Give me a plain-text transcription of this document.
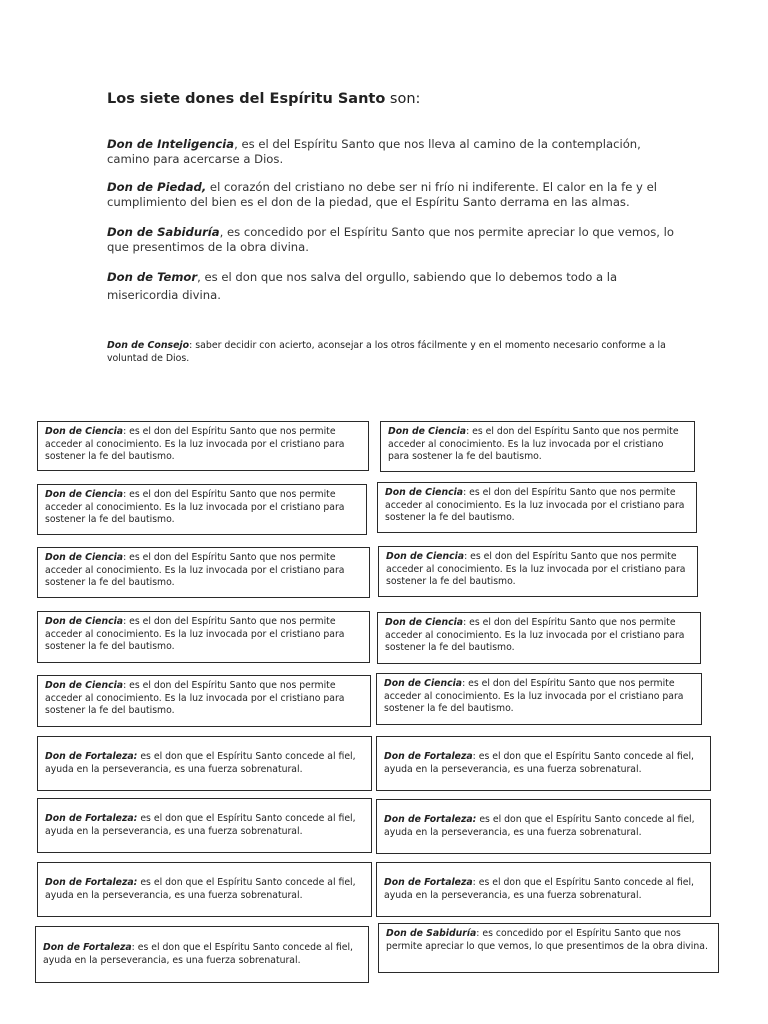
Los siete dones del Espíritu Santo son:

Don de Inteligencia, es el del Espíritu Santo que nos lleva al camino de la contemplación, camino para acercarse a Dios.

Don de Piedad, el corazón del cristiano no debe ser ni frío ni indiferente. El calor en la fe y el cumplimiento del bien es el don de la piedad, que el Espíritu Santo derrama en las almas.

Don de Sabiduría, es concedido por el Espíritu Santo que nos permite apreciar lo que vemos, lo que presentimos de la obra divina.

Don de Temor, es el don que nos salva del orgullo, sabiendo que lo debemos todo a la misericordia divina.

Don de Consejo: saber decidir con acierto, aconsejar a los otros fácilmente y en el momento necesario conforme a la voluntad de Dios.

Don de Ciencia: es el don del Espíritu Santo que nos permite acceder al conocimiento. Es la luz invocada por el cristiano para sostener la fe del bautismo.

Don de Ciencia: es el don del Espíritu Santo que nos permite acceder al conocimiento. Es la luz invocada por el cristiano para sostener la fe del bautismo.

Don de Ciencia: es el don del Espíritu Santo que nos permite acceder al conocimiento. Es la luz invocada por el cristiano para sostener la fe del bautismo.

Don de Ciencia: es el don del Espíritu Santo que nos permite acceder al conocimiento. Es la luz invocada por el cristiano para sostener la fe del bautismo.

Don de Ciencia: es el don del Espíritu Santo que nos permite acceder al conocimiento. Es la luz invocada por el cristiano para sostener la fe del bautismo.

Don de Ciencia: es el don del Espíritu Santo que nos permite acceder al conocimiento. Es la luz invocada por el cristiano para sostener la fe del bautismo.

Don de Ciencia: es el don del Espíritu Santo que nos permite acceder al conocimiento. Es la luz invocada por el cristiano para sostener la fe del bautismo.

Don de Ciencia: es el don del Espíritu Santo que nos permite acceder al conocimiento. Es la luz invocada por el cristiano para sostener la fe del bautismo.

Don de Ciencia: es el don del Espíritu Santo que nos permite acceder al conocimiento. Es la luz invocada por el cristiano para sostener la fe del bautismo.

Don de Ciencia: es el don del Espíritu Santo que nos permite acceder al conocimiento. Es la luz invocada por el cristiano para sostener la fe del bautismo.

Don de Fortaleza: es el don que el Espíritu Santo concede al fiel, ayuda en la perseverancia, es una fuerza sobrenatural.

Don de Fortaleza: es el don que el Espíritu Santo concede al fiel, ayuda en la perseverancia, es una fuerza sobrenatural.

Don de Fortaleza: es el don que el Espíritu Santo concede al fiel, ayuda en la perseverancia, es una fuerza sobrenatural.

Don de Fortaleza: es el don que el Espíritu Santo concede al fiel, ayuda en la perseverancia, es una fuerza sobrenatural.

Don de Fortaleza: es el don que el Espíritu Santo concede al fiel, ayuda en la perseverancia, es una fuerza sobrenatural.

Don de Fortaleza: es el don que el Espíritu Santo concede al fiel, ayuda en la perseverancia, es una fuerza sobrenatural.

Don de Fortaleza: es el don que el Espíritu Santo concede al fiel, ayuda en la perseverancia, es una fuerza sobrenatural.

Don de Sabiduría: es concedido por el Espíritu Santo que nos permite apreciar lo que vemos, lo que presentimos de la obra divina.
